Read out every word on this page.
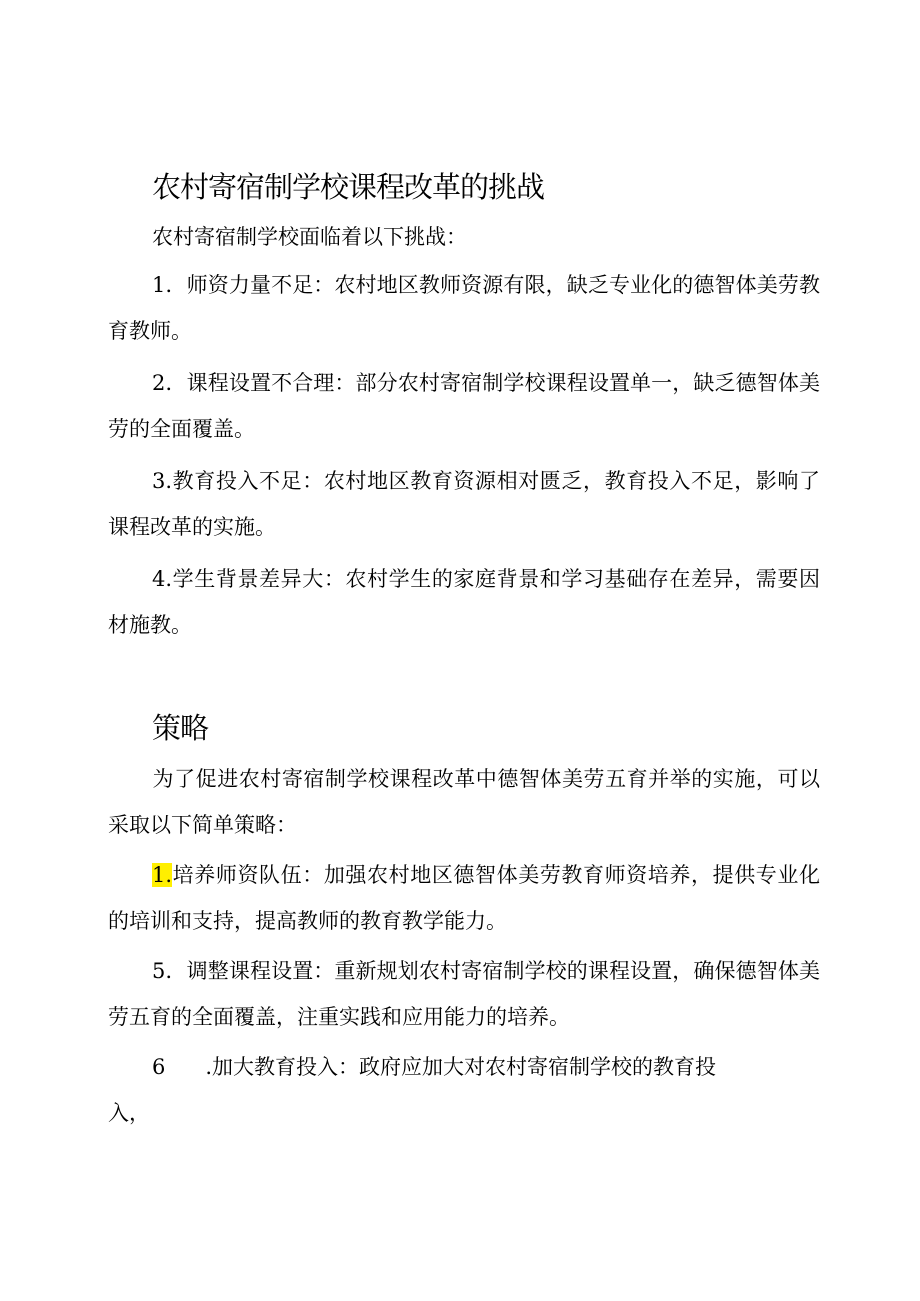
农村寄宿制学校课程改革的挑战
农村寄宿制学校面临着以下挑战：
1．师资力量不足：农村地区教师资源有限，缺乏专业化的德智体美劳教育教师。
2．课程设置不合理：部分农村寄宿制学校课程设置单一，缺乏德智体美劳的全面覆盖。
3.教育投入不足：农村地区教育资源相对匮乏，教育投入不足，影响了课程改革的实施。
4.学生背景差异大：农村学生的家庭背景和学习基础存在差异，需要因材施教。
策略
为了促进农村寄宿制学校课程改革中德智体美劳五育并举的实施，可以采取以下简单策略：
1.培养师资队伍：加强农村地区德智体美劳教育师资培养，提供专业化的培训和支持，提高教师的教育教学能力。
5．调整课程设置：重新规划农村寄宿制学校的课程设置，确保德智体美劳五育的全面覆盖，注重实践和应用能力的培养。
6 .加大教育投入：政府应加大对农村寄宿制学校的教育投
入，
